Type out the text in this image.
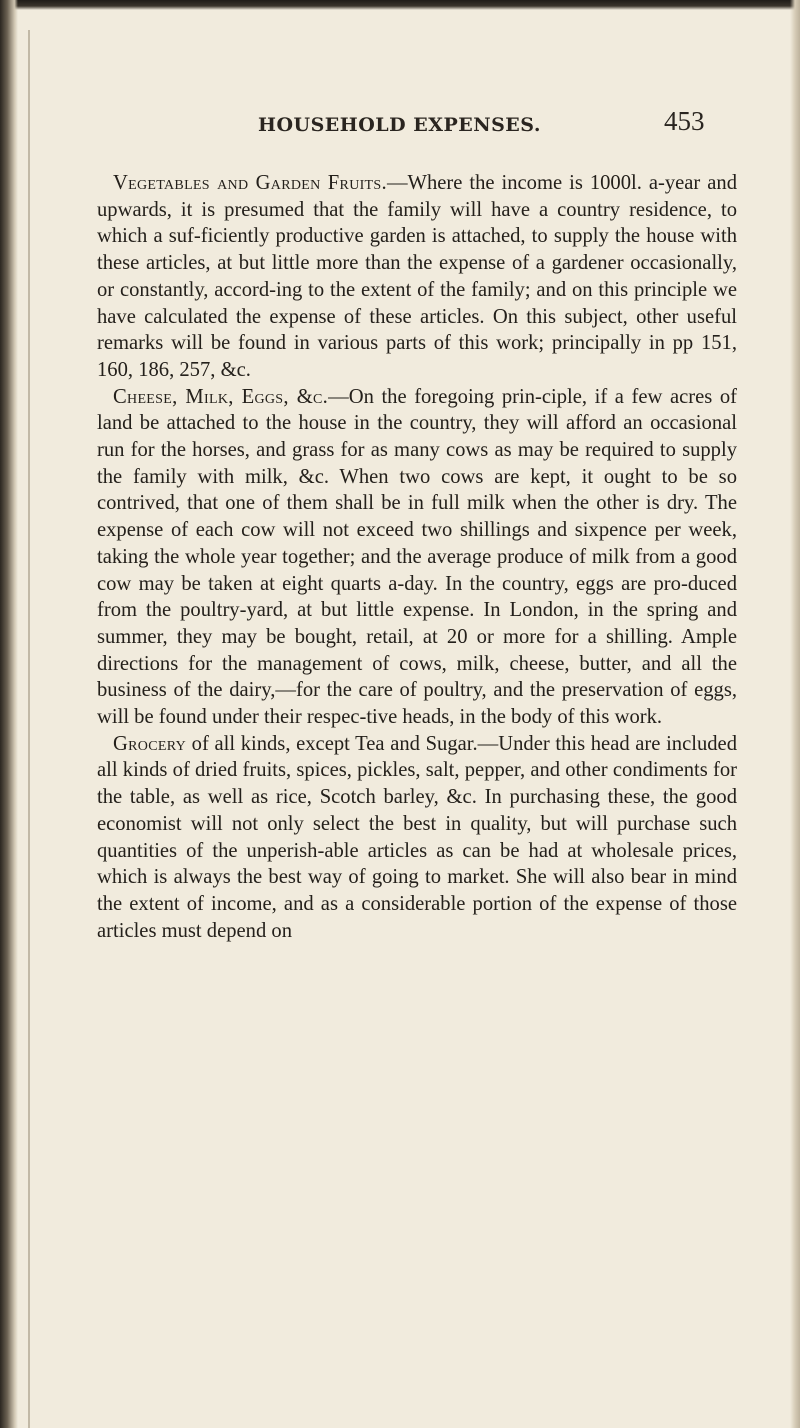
HOUSEHOLD EXPENSES.	453

Vegetables and Garden Fruits.—Where the income is 1000l. a-year and upwards, it is presumed that the family will have a country residence, to which a suf-ficiently productive garden is attached, to supply the house with these articles, at but little more than the expense of a gardener occasionally, or constantly, accord-ing to the extent of the family; and on this principle we have calculated the expense of these articles. On this subject, other useful remarks will be found in various parts of this work; principally in pp 151, 160, 186, 257, &c.

Cheese, Milk, Eggs, &c.—On the foregoing prin-ciple, if a few acres of land be attached to the house in the country, they will afford an occasional run for the horses, and grass for as many cows as may be required to supply the family with milk, &c. When two cows are kept, it ought to be so contrived, that one of them shall be in full milk when the other is dry. The expense of each cow will not exceed two shillings and sixpence per week, taking the whole year together; and the average produce of milk from a good cow may be taken at eight quarts a-day. In the country, eggs are pro-duced from the poultry-yard, at but little expense. In London, in the spring and summer, they may be bought, retail, at 20 or more for a shilling. Ample directions for the management of cows, milk, cheese, butter, and all the business of the dairy,—for the care of poultry, and the preservation of eggs, will be found under their respec-tive heads, in the body of this work.

Grocery of all kinds, except Tea and Sugar.—Under this head are included all kinds of dried fruits, spices, pickles, salt, pepper, and other condiments for the table, as well as rice, Scotch barley, &c. In purchasing these, the good economist will not only select the best in quality, but will purchase such quantities of the unperish-able articles as can be had at wholesale prices, which is always the best way of going to market. She will also bear in mind the extent of income, and as a considerable portion of the expense of those articles must depend on
